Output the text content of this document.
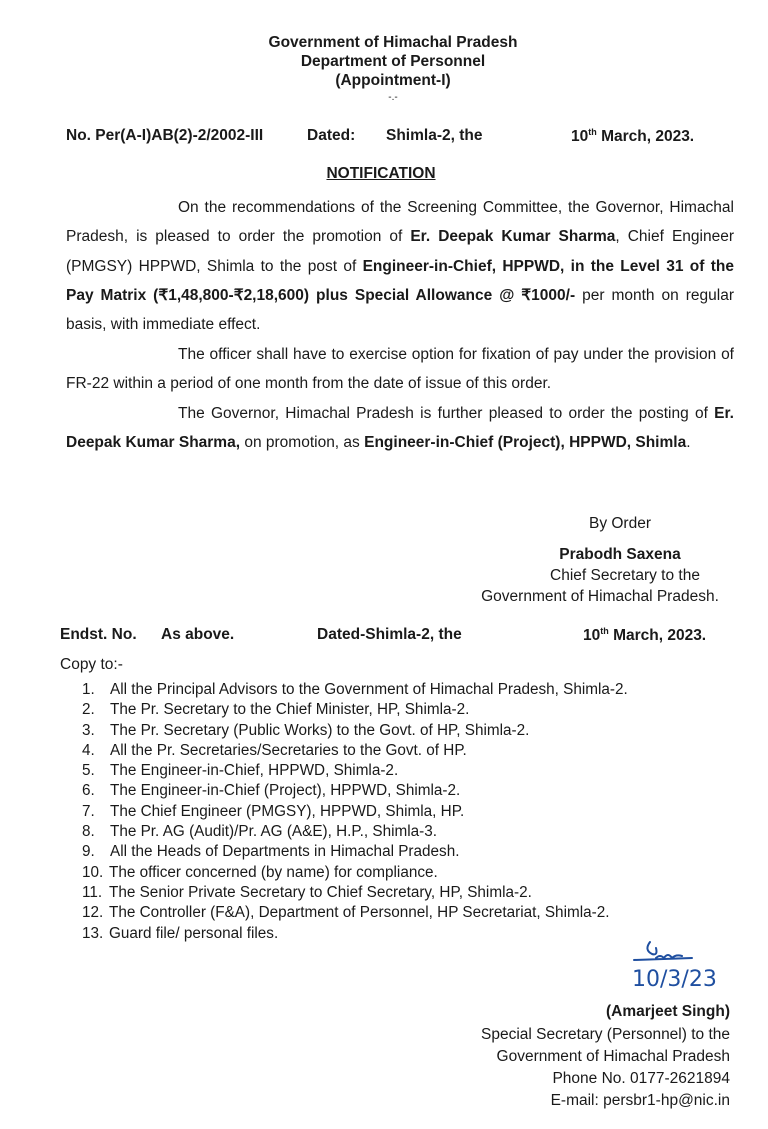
Government of Himachal Pradesh
Department of Personnel
(Appointment-I)
-.-
No. Per(A-I)AB(2)-2/2002-III	Dated: Shimla-2, the	10th March, 2023.
NOTIFICATION
On the recommendations of the Screening Committee, the Governor, Himachal Pradesh, is pleased to order the promotion of Er. Deepak Kumar Sharma, Chief Engineer (PMGSY) HPPWD, Shimla to the post of Engineer-in-Chief, HPPWD, in the Level 31 of the Pay Matrix (₹1,48,800-₹2,18,600) plus Special Allowance @ ₹1000/- per month on regular basis, with immediate effect.
The officer shall have to exercise option for fixation of pay under the provision of FR-22 within a period of one month from the date of issue of this order.
The Governor, Himachal Pradesh is further pleased to order the posting of Er. Deepak Kumar Sharma, on promotion, as Engineer-in-Chief (Project), HPPWD, Shimla.
By Order
Prabodh Saxena
Chief Secretary to the
Government of Himachal Pradesh.
Endst. No. As above.	Dated-Shimla-2, the	10th March, 2023.
Copy to:-
1. All the Principal Advisors to the Government of Himachal Pradesh, Shimla-2.
2. The Pr. Secretary to the Chief Minister, HP, Shimla-2.
3. The Pr. Secretary (Public Works) to the Govt. of HP, Shimla-2.
4. All the Pr. Secretaries/Secretaries to the Govt. of HP.
5. The Engineer-in-Chief, HPPWD, Shimla-2.
6. The Engineer-in-Chief (Project), HPPWD, Shimla-2.
7. The Chief Engineer (PMGSY), HPPWD, Shimla, HP.
8. The Pr. AG (Audit)/Pr. AG (A&E), H.P., Shimla-3.
9. All the Heads of Departments in Himachal Pradesh.
10. The officer concerned (by name) for compliance.
11. The Senior Private Secretary to Chief Secretary, HP, Shimla-2.
12. The Controller (F&A), Department of Personnel, HP Secretariat, Shimla-2.
13. Guard file/ personal files.
10/3/23
(Amarjeet Singh)
Special Secretary (Personnel) to the
Government of Himachal Pradesh
Phone No. 0177-2621894
E-mail: persbr1-hp@nic.in
